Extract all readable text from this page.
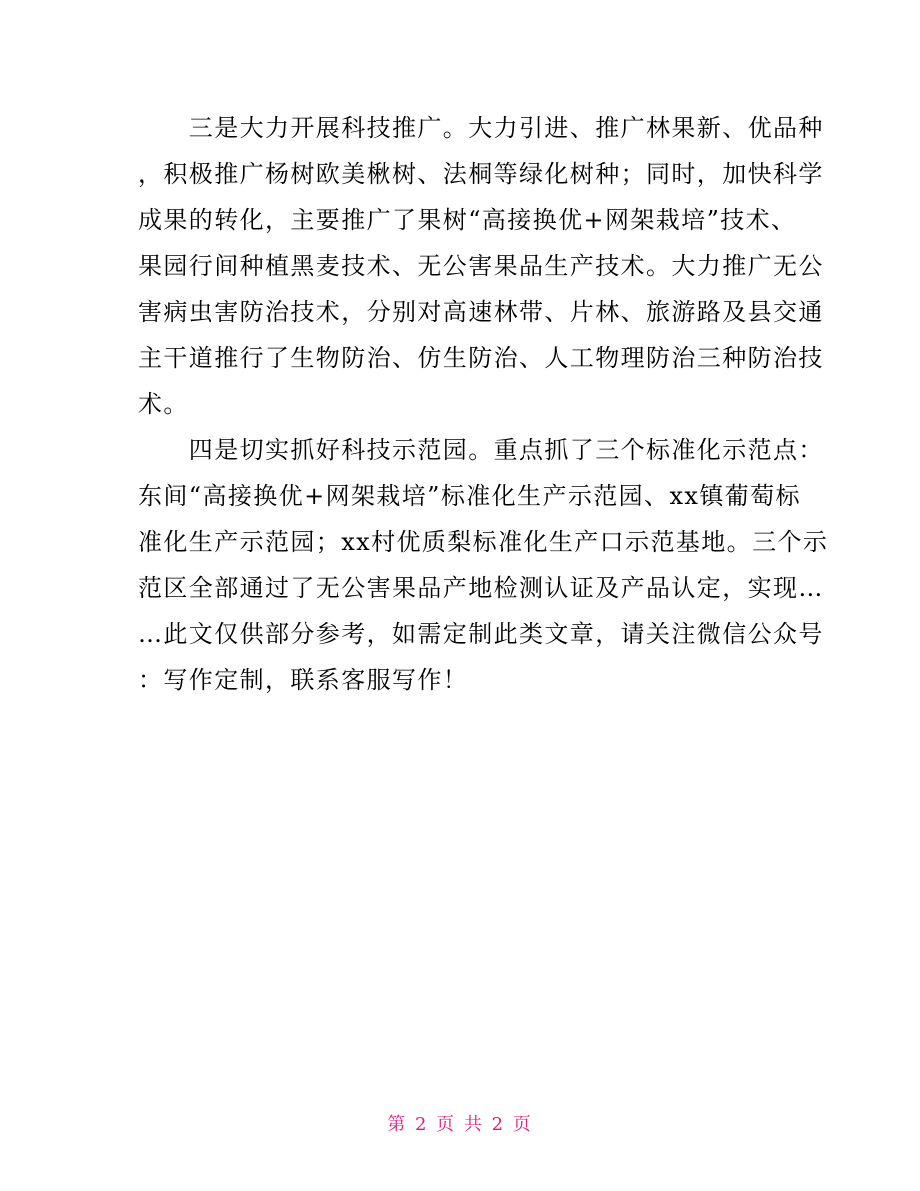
　　三是大力开展科技推广。大力引进、推广林果新、优品种

，积极推广杨树欧美楸树、法桐等绿化树种；同时，加快科学

成果的转化，主要推广了果树“高接换优+网架栽培”技术、

果园行间种植黑麦技术、无公害果品生产技术。大力推广无公

害病虫害防治技术，分别对高速林带、片林、旅游路及县交通

主干道推行了生物防治、仿生防治、人工物理防治三种防治技

术。

　　四是切实抓好科技示范园。重点抓了三个标准化示范点：

东间“高接换优+网架栽培”标准化生产示范园、xx镇葡萄标

准化生产示范园；xx村优质梨标准化生产口示范基地。三个示

范区全部通过了无公害果品产地检测认证及产品认定，实现…

…此文仅供部分参考，如需定制此类文章，请关注微信公众号

：写作定制，联系客服写作！

第 2 页 共 2 页
